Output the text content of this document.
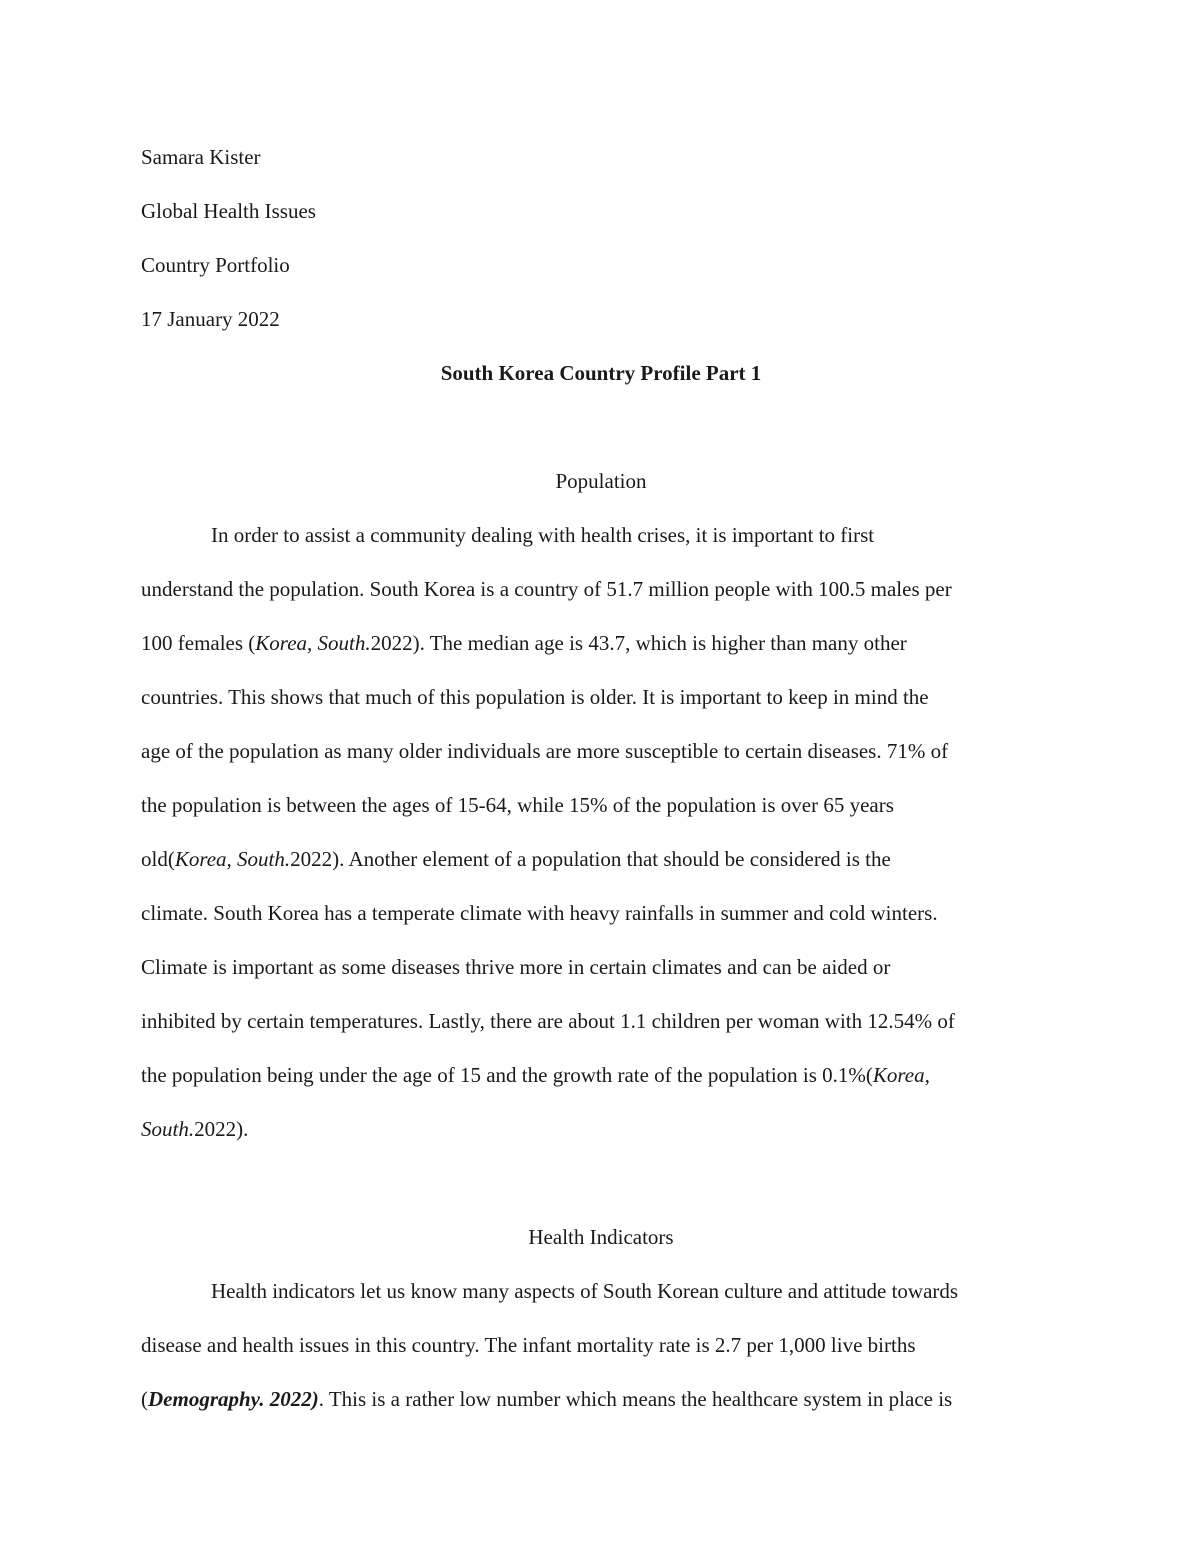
Samara Kister
Global Health Issues
Country Portfolio
17 January 2022
South Korea Country Profile Part 1
Population
In order to assist a community dealing with health crises, it is important to first
understand the population. South Korea is a country of 51.7 million people with 100.5 males per
100 females (Korea, South.2022). The median age is 43.7, which is higher than many other
countries. This shows that much of this population is older. It is important to keep in mind the
age of the population as many older individuals are more susceptible to certain diseases. 71% of
the population is between the ages of 15-64, while 15% of the population is over 65 years
old(Korea, South.2022). Another element of a population that should be considered is the
climate. South Korea has a temperate climate with heavy rainfalls in summer and cold winters.
Climate is important as some diseases thrive more in certain climates and can be aided or
inhibited by certain temperatures. Lastly, there are about 1.1 children per woman with 12.54% of
the population being under the age of 15 and the growth rate of the population is 0.1%(Korea,
South.2022).
Health Indicators
Health indicators let us know many aspects of South Korean culture and attitude towards
disease and health issues in this country. The infant mortality rate is 2.7 per 1,000 live births
(Demography. 2022). This is a rather low number which means the healthcare system in place is
